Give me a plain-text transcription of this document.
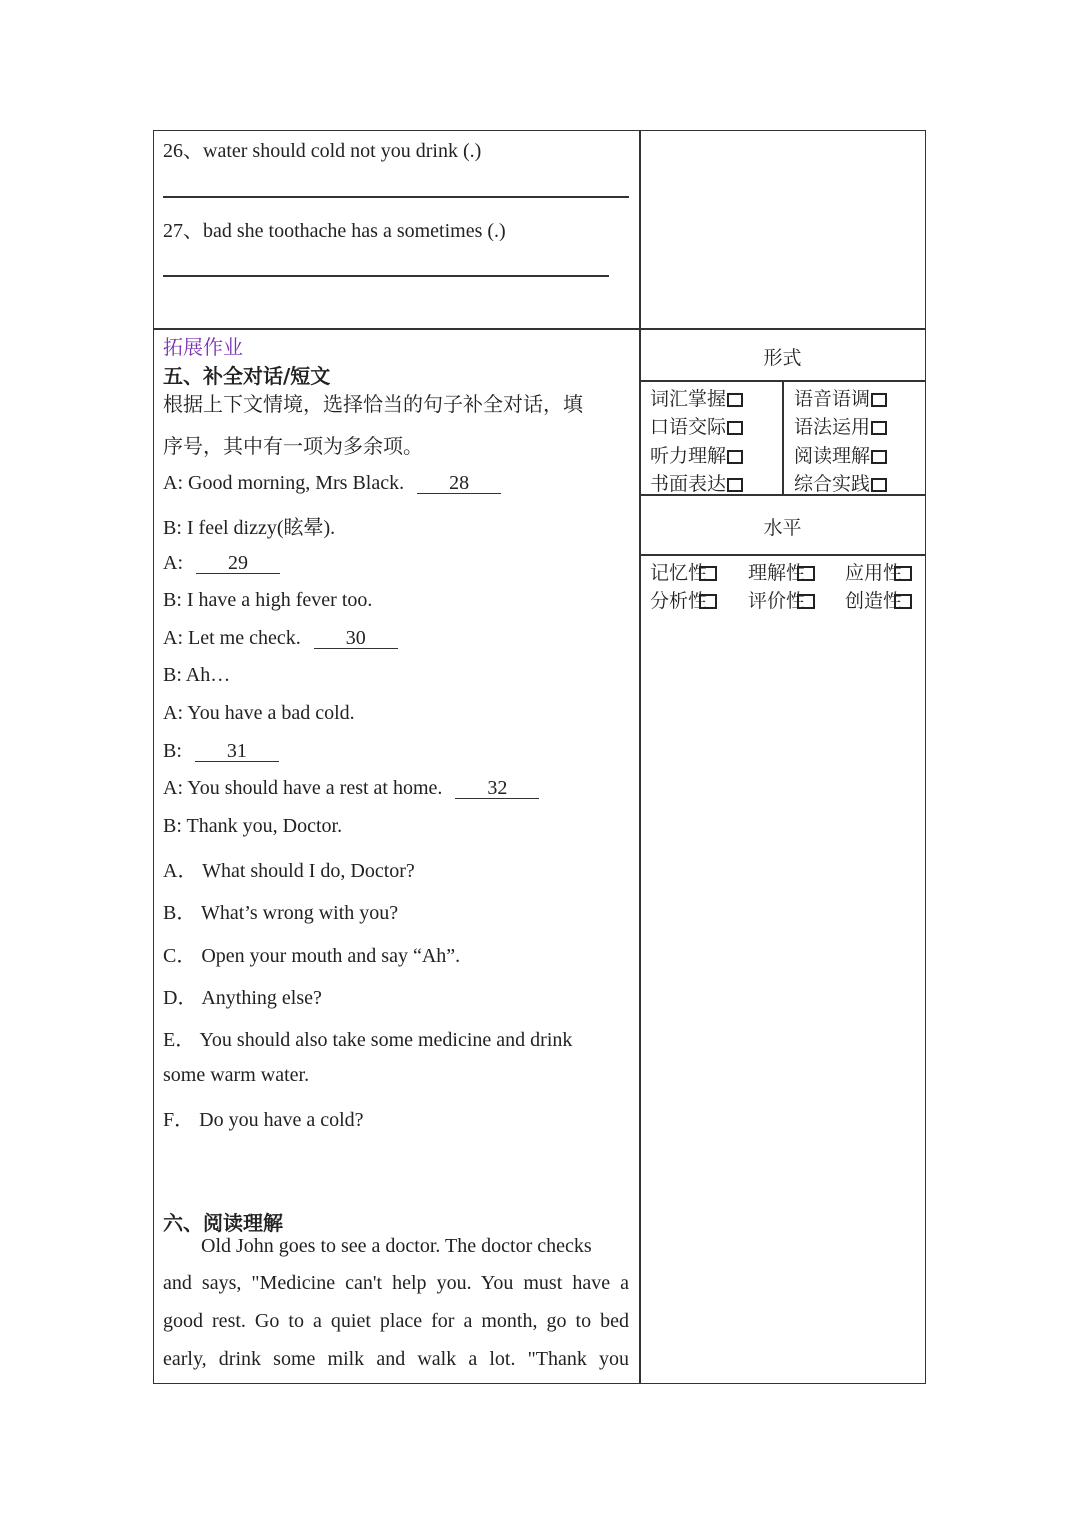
26、water should cold not you drink (.)
27、bad she toothache has a sometimes (.)
拓展作业
五、补全对话/短文
根据上下文情境，选择恰当的句子补全对话，填
序号，其中有一项为多余项。
A: Good morning, Mrs Black. 28
B: I feel dizzy(眩晕).
A: 29
B: I have a high fever too.
A: Let me check. 30
B: Ah…
A: You have a bad cold.
B: 31
A: You should have a rest at home. 32
B: Thank you, Doctor.
A． What should I do, Doctor?
B． What’s wrong with you?
C． Open your mouth and say “Ah”.
D． Anything else?
E． You should also take some medicine and drink
some warm water.
F． Do you have a cold?
六、阅读理解
Old John goes to see a doctor. The doctor checks
and says, "Medicine can't help you. You must have a
good rest. Go to a quiet place for a month, go to bed
early, drink some milk and walk a lot. "Thank you
形式
词汇掌握	语音语调
口语交际	语法运用
听力理解	阅读理解
书面表达	综合实践
水平
记忆性	理解性	应用性
分析性	评价性	创造性
